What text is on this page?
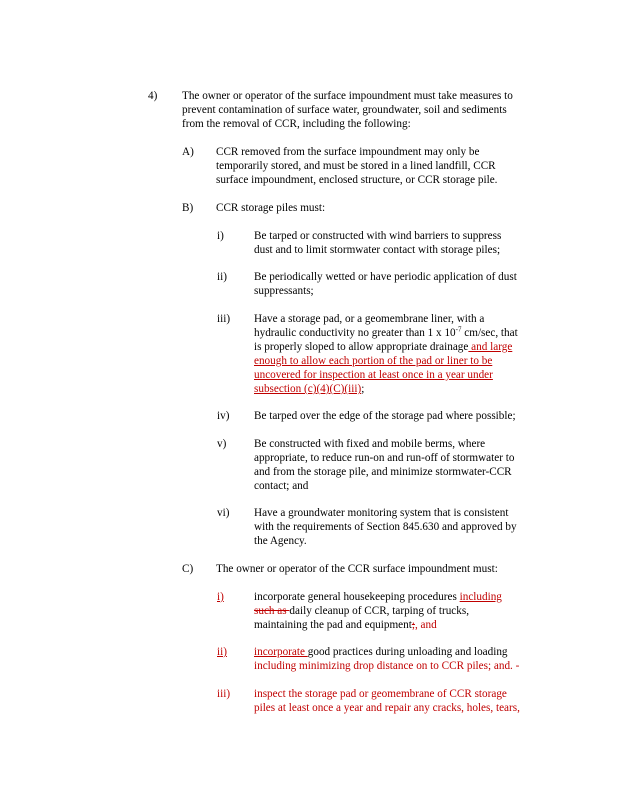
4) The owner or operator of the surface impoundment must take measures to
prevent contamination of surface water, groundwater, soil and sediments
from the removal of CCR, including the following:
A) CCR removed from the surface impoundment may only be
temporarily stored, and must be stored in a lined landfill, CCR
surface impoundment, enclosed structure, or CCR storage pile.
B) CCR storage piles must:
i)	Be tarped or constructed with wind barriers to suppress
dust and to limit stormwater contact with storage piles;
ii) Be periodically wetted or have periodic application of dust
suppressants;
iii) Have a storage pad, or a geomembrane liner, with a
hydraulic conductivity no greater than 1 x $10^{-7}$ cm/sec, that
is properly sloped to allow appropriate drainage and large
enough to allow each portion of the pad or liner to be
uncovered for inspection at least once in a year under
subsection (c)(4)(C)(iii);
iv) Be tarped over the edge of the storage pad where possible;
v) Be constructed with fixed and mobile berms, where
appropriate, to reduce run-on and run-off of stormwater to
and from the storage pile, and minimize stormwater-CCR
contact; and
vi) Have a groundwater monitoring system that is consistent
with the requirements of Section 845.630 and approved by
the Agency.
C) The owner or operator of the CCR surface impoundment must:
i)	incorporate general housekeeping procedures including
such as daily cleanup of CCR, tarping of trucks,
maintaining the pad and equipment;, and
ii) incorporate good practices during unloading and loading
including minimizing drop distance on to CCR piles; and. -
iii) inspect the storage pad or geomembrane of CCR storage
piles at least once a year and repair any cracks, holes, tears,
